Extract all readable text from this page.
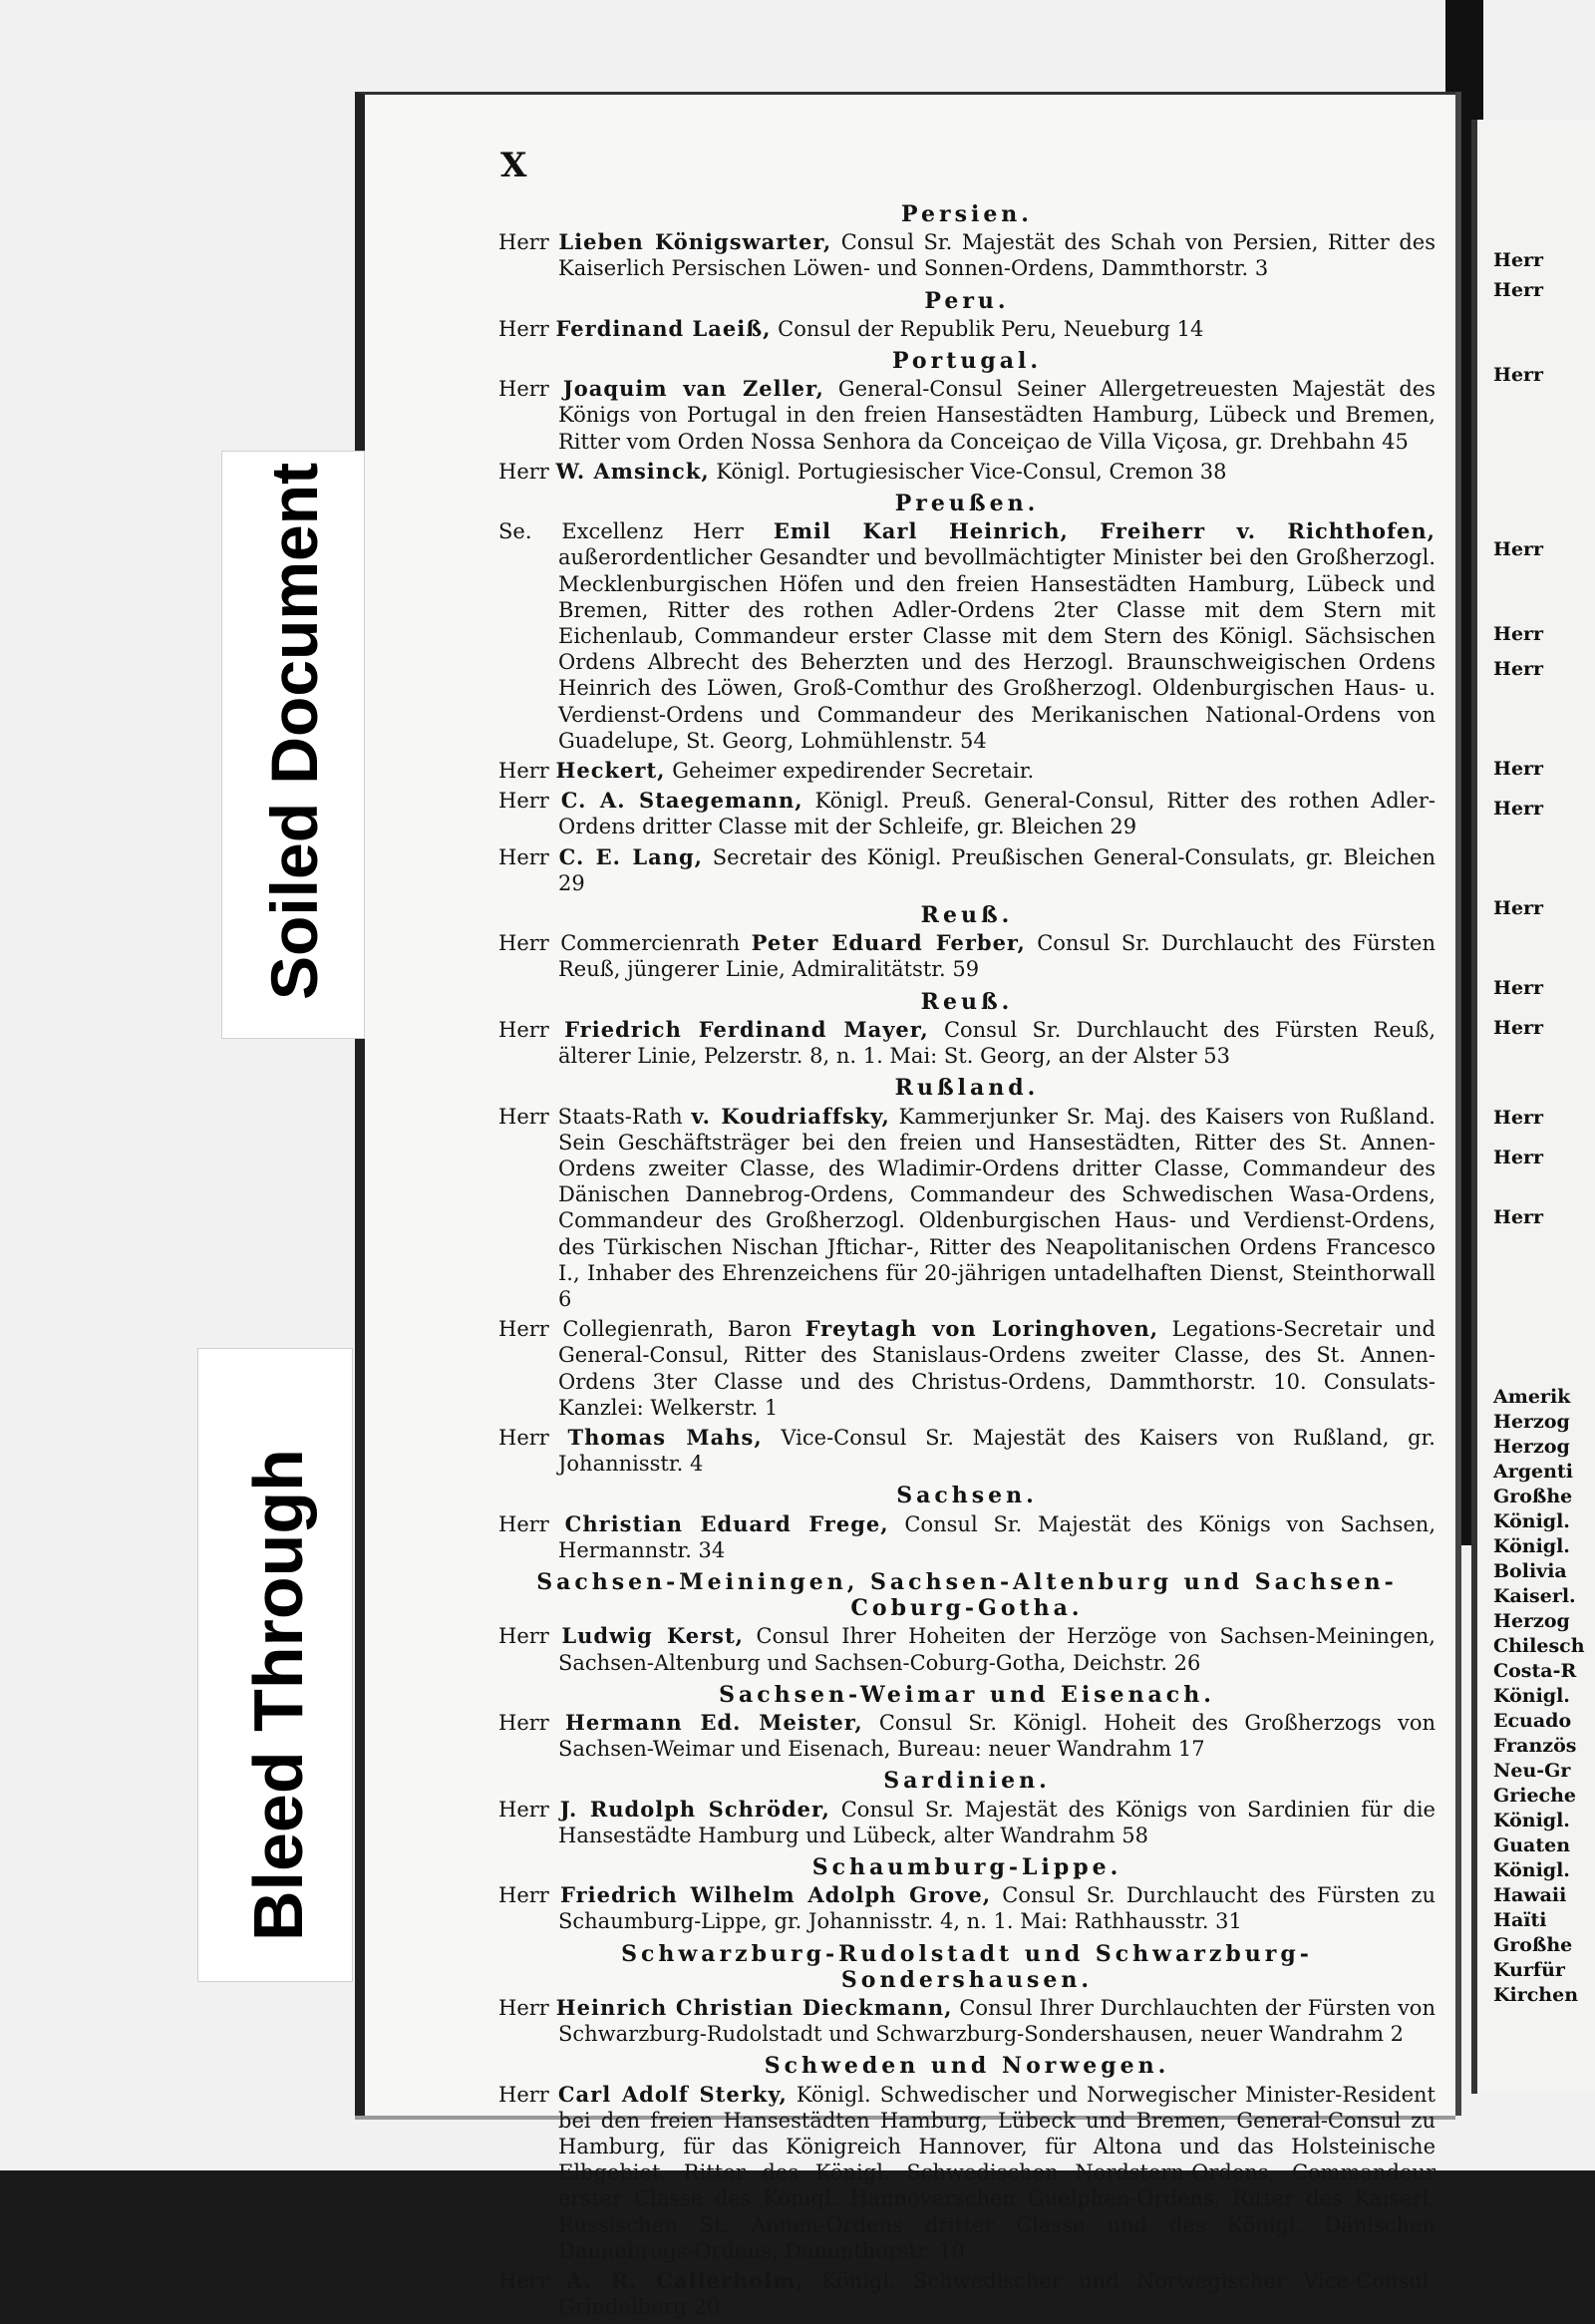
Herr
Herr
Herr
Herr
Herr
Herr
Herr
Herr
Herr
Herr
Herr
Herr
Herr
Herr
Amerik
Herzog
Herzog
Argenti
Großhe
Königl.
Königl.
Bolivia
Kaiserl.
Herzog
Chilesch
Costa-R
Königl.
Ecuado
Französ
Neu-Gr
Grieche
Königl.
Guaten
Königl.
Hawaii
Haïti
Großhe
Kurfür
Kirchen
X
Persien.
Herr Lieben Königswarter, Consul Sr. Majestät des Schah von Persien, Ritter des Kaiserlich Persischen Löwen- und Sonnen-Ordens, Dammthorstr. 3
Peru.
Herr Ferdinand Laeiß, Consul der Republik Peru, Neueburg 14
Portugal.
Herr Joaquim van Zeller, General-Consul Seiner Allergetreuesten Majestät des Königs von Portugal in den freien Hansestädten Hamburg, Lübeck und Bremen, Ritter vom Orden Nossa Senhora da Conceiçao de Villa Viçosa, gr. Drehbahn 45
Herr W. Amsinck, Königl. Portugiesischer Vice-Consul, Cremon 38
Preußen.
Se. Excellenz Herr Emil Karl Heinrich, Freiherr v. Richthofen, außerordentlicher Gesandter und bevollmächtigter Minister bei den Großherzogl. Mecklenburgischen Höfen und den freien Hansestädten Hamburg, Lübeck und Bremen, Ritter des rothen Adler-Ordens 2ter Classe mit dem Stern mit Eichenlaub, Commandeur erster Classe mit dem Stern des Königl. Sächsischen Ordens Albrecht des Beherzten und des Herzogl. Braunschweigischen Ordens Heinrich des Löwen, Groß-Comthur des Großherzogl. Oldenburgischen Haus- u. Verdienst-Ordens und Commandeur des Merikanischen National-Ordens von Guadelupe, St. Georg, Lohmühlenstr. 54
Herr Heckert, Geheimer expedirender Secretair.
Herr C. A. Staegemann, Königl. Preuß. General-Consul, Ritter des rothen Adler-Ordens dritter Classe mit der Schleife, gr. Bleichen 29
Herr C. E. Lang, Secretair des Königl. Preußischen General-Consulats, gr. Bleichen 29
Reuß.
Herr Commercienrath Peter Eduard Ferber, Consul Sr. Durchlaucht des Fürsten Reuß, jüngerer Linie, Admiralitätstr. 59
Reuß.
Herr Friedrich Ferdinand Mayer, Consul Sr. Durchlaucht des Fürsten Reuß, älterer Linie, Pelzerstr. 8, n. 1. Mai: St. Georg, an der Alster 53
Rußland.
Herr Staats-Rath v. Koudriaffsky, Kammerjunker Sr. Maj. des Kaisers von Rußland. Sein Geschäftsträger bei den freien und Hansestädten, Ritter des St. Annen-Ordens zweiter Classe, des Wladimir-Ordens dritter Classe, Commandeur des Dänischen Dannebrog-Ordens, Commandeur des Schwedischen Wasa-Ordens, Commandeur des Großherzogl. Oldenburgischen Haus- und Verdienst-Ordens, des Türkischen Nischan Jftichar-, Ritter des Neapolitanischen Ordens Francesco I., Inhaber des Ehrenzeichens für 20-jährigen untadelhaften Dienst, Steinthorwall 6
Herr Collegienrath, Baron Freytagh von Loringhoven, Legations-Secretair und General-Consul, Ritter des Stanislaus-Ordens zweiter Classe, des St. Annen-Ordens 3ter Classe und des Christus-Ordens, Dammthorstr. 10. Consulats-Kanzlei: Welkerstr. 1
Herr Thomas Mahs, Vice-Consul Sr. Majestät des Kaisers von Rußland, gr. Johannisstr. 4
Sachsen.
Herr Christian Eduard Frege, Consul Sr. Majestät des Königs von Sachsen, Hermannstr. 34
Sachsen-Meiningen, Sachsen-Altenburg und Sachsen-Coburg-Gotha.
Herr Ludwig Kerst, Consul Ihrer Hoheiten der Herzöge von Sachsen-Meiningen, Sachsen-Altenburg und Sachsen-Coburg-Gotha, Deichstr. 26
Sachsen-Weimar und Eisenach.
Herr Hermann Ed. Meister, Consul Sr. Königl. Hoheit des Großherzogs von Sachsen-Weimar und Eisenach, Bureau: neuer Wandrahm 17
Sardinien.
Herr J. Rudolph Schröder, Consul Sr. Majestät des Königs von Sardinien für die Hansestädte Hamburg und Lübeck, alter Wandrahm 58
Schaumburg-Lippe.
Herr Friedrich Wilhelm Adolph Grove, Consul Sr. Durchlaucht des Fürsten zu Schaumburg-Lippe, gr. Johannisstr. 4, n. 1. Mai: Rathhausstr. 31
Schwarzburg-Rudolstadt und Schwarzburg-Sondershausen.
Herr Heinrich Christian Dieckmann, Consul Ihrer Durchlauchten der Fürsten von Schwarzburg-Rudolstadt und Schwarzburg-Sondershausen, neuer Wandrahm 2
Schweden und Norwegen.
Herr Carl Adolf Sterky, Königl. Schwedischer und Norwegischer Minister-Resident bei den freien Hansestädten Hamburg, Lübeck und Bremen, General-Consul zu Hamburg, für das Königreich Hannover, für Altona und das Holsteinische Elbgebiet, Ritter des Königl. Schwedischen Nordstern-Ordens, Commandeur erster Classe des Königl. Hannoverschen Guelphen-Ordens, Ritter des Kaiserl. Russischen St. Annen-Ordens dritter Classe und des Königl. Dänischen Dannebrogs-Ordens, Dammthorstr. 10
Herr A. R. Callerholm, Königl. Schwedischer und Norwegischer Vice-Consul, Grindelberg 20
Soiled Document
Bleed Through
